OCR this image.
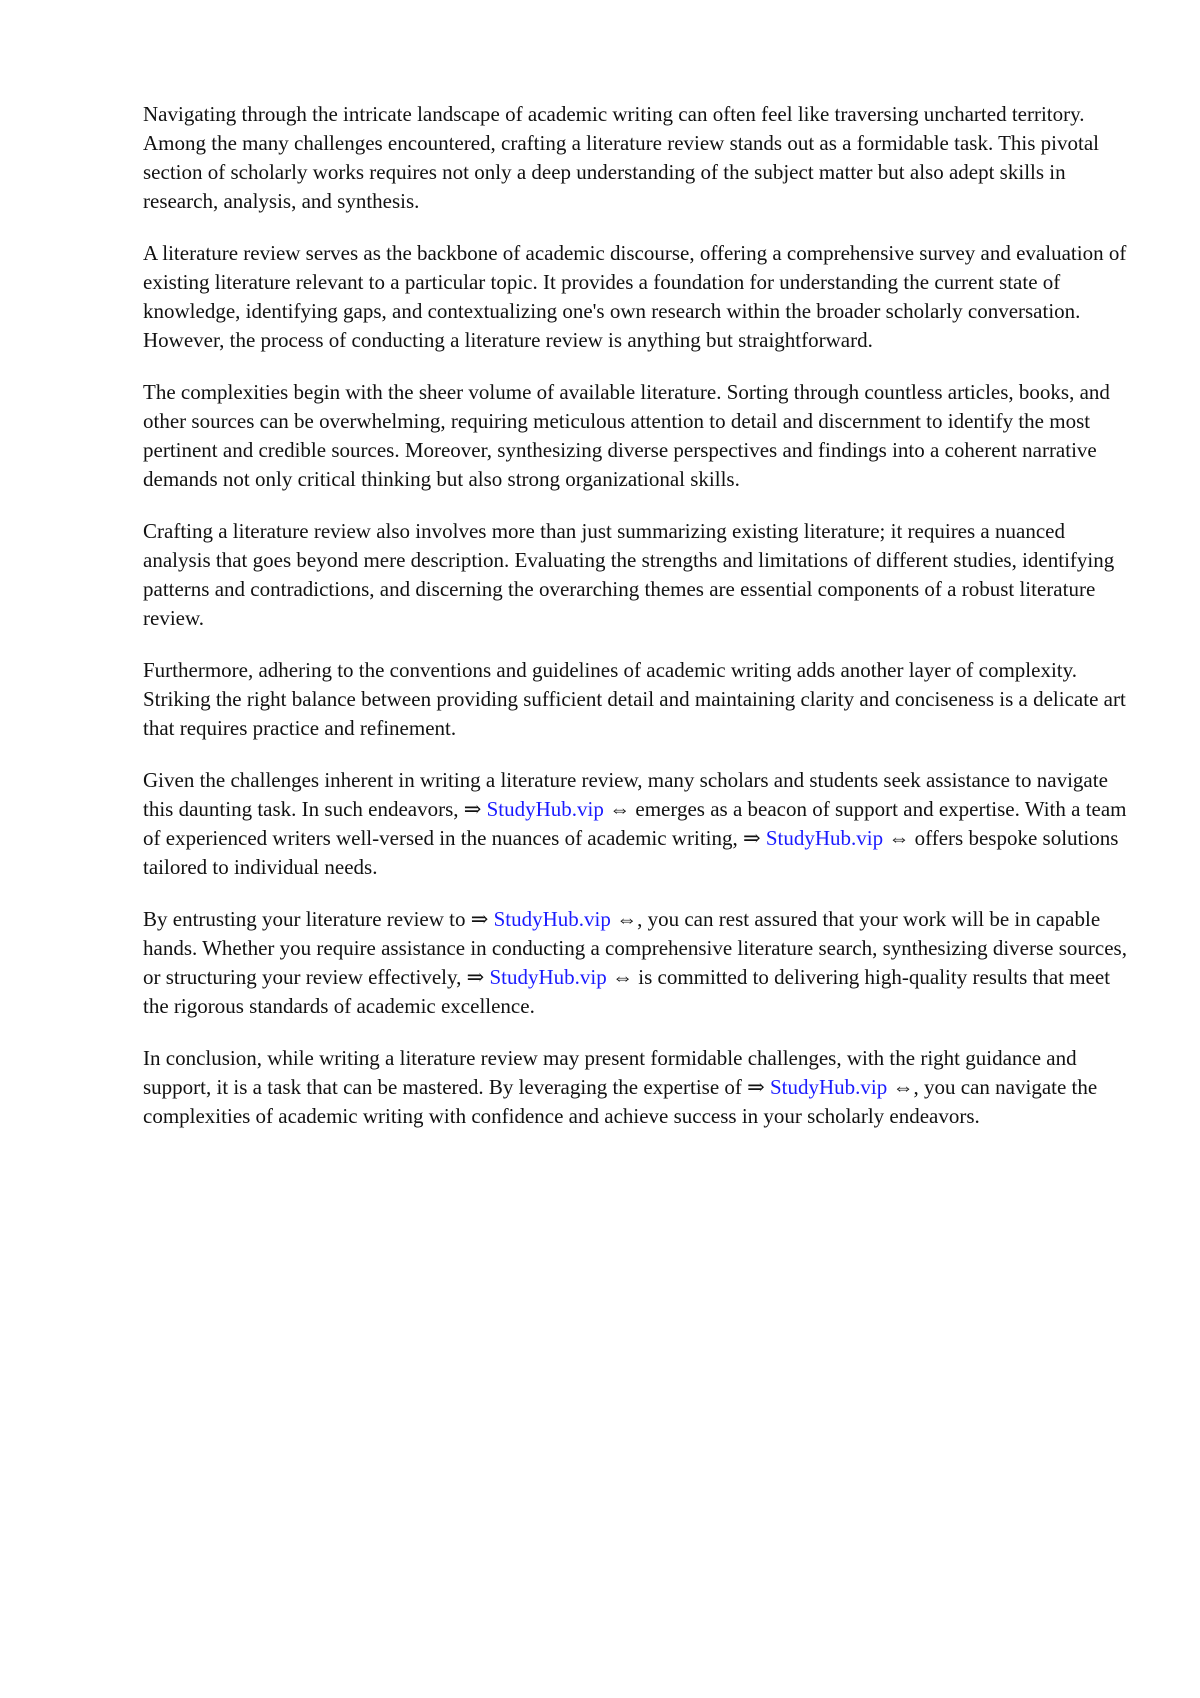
Navigating through the intricate landscape of academic writing can often feel like traversing uncharted territory. Among the many challenges encountered, crafting a literature review stands out as a formidable task. This pivotal section of scholarly works requires not only a deep understanding of the subject matter but also adept skills in research, analysis, and synthesis.

A literature review serves as the backbone of academic discourse, offering a comprehensive survey and evaluation of existing literature relevant to a particular topic. It provides a foundation for understanding the current state of knowledge, identifying gaps, and contextualizing one's own research within the broader scholarly conversation. However, the process of conducting a literature review is anything but straightforward.

The complexities begin with the sheer volume of available literature. Sorting through countless articles, books, and other sources can be overwhelming, requiring meticulous attention to detail and discernment to identify the most pertinent and credible sources. Moreover, synthesizing diverse perspectives and findings into a coherent narrative demands not only critical thinking but also strong organizational skills.

Crafting a literature review also involves more than just summarizing existing literature; it requires a nuanced analysis that goes beyond mere description. Evaluating the strengths and limitations of different studies, identifying patterns and contradictions, and discerning the overarching themes are essential components of a robust literature review.

Furthermore, adhering to the conventions and guidelines of academic writing adds another layer of complexity. Striking the right balance between providing sufficient detail and maintaining clarity and conciseness is a delicate art that requires practice and refinement.

Given the challenges inherent in writing a literature review, many scholars and students seek assistance to navigate this daunting task. In such endeavors, ⇒ StudyHub.vip ⇔ emerges as a beacon of support and expertise. With a team of experienced writers well-versed in the nuances of academic writing, ⇒ StudyHub.vip ⇔ offers bespoke solutions tailored to individual needs.

By entrusting your literature review to ⇒ StudyHub.vip ⇔, you can rest assured that your work will be in capable hands. Whether you require assistance in conducting a comprehensive literature search, synthesizing diverse sources, or structuring your review effectively, ⇒ StudyHub.vip ⇔ is committed to delivering high-quality results that meet the rigorous standards of academic excellence.

In conclusion, while writing a literature review may present formidable challenges, with the right guidance and support, it is a task that can be mastered. By leveraging the expertise of ⇒ StudyHub.vip ⇔, you can navigate the complexities of academic writing with confidence and achieve success in your scholarly endeavors.
